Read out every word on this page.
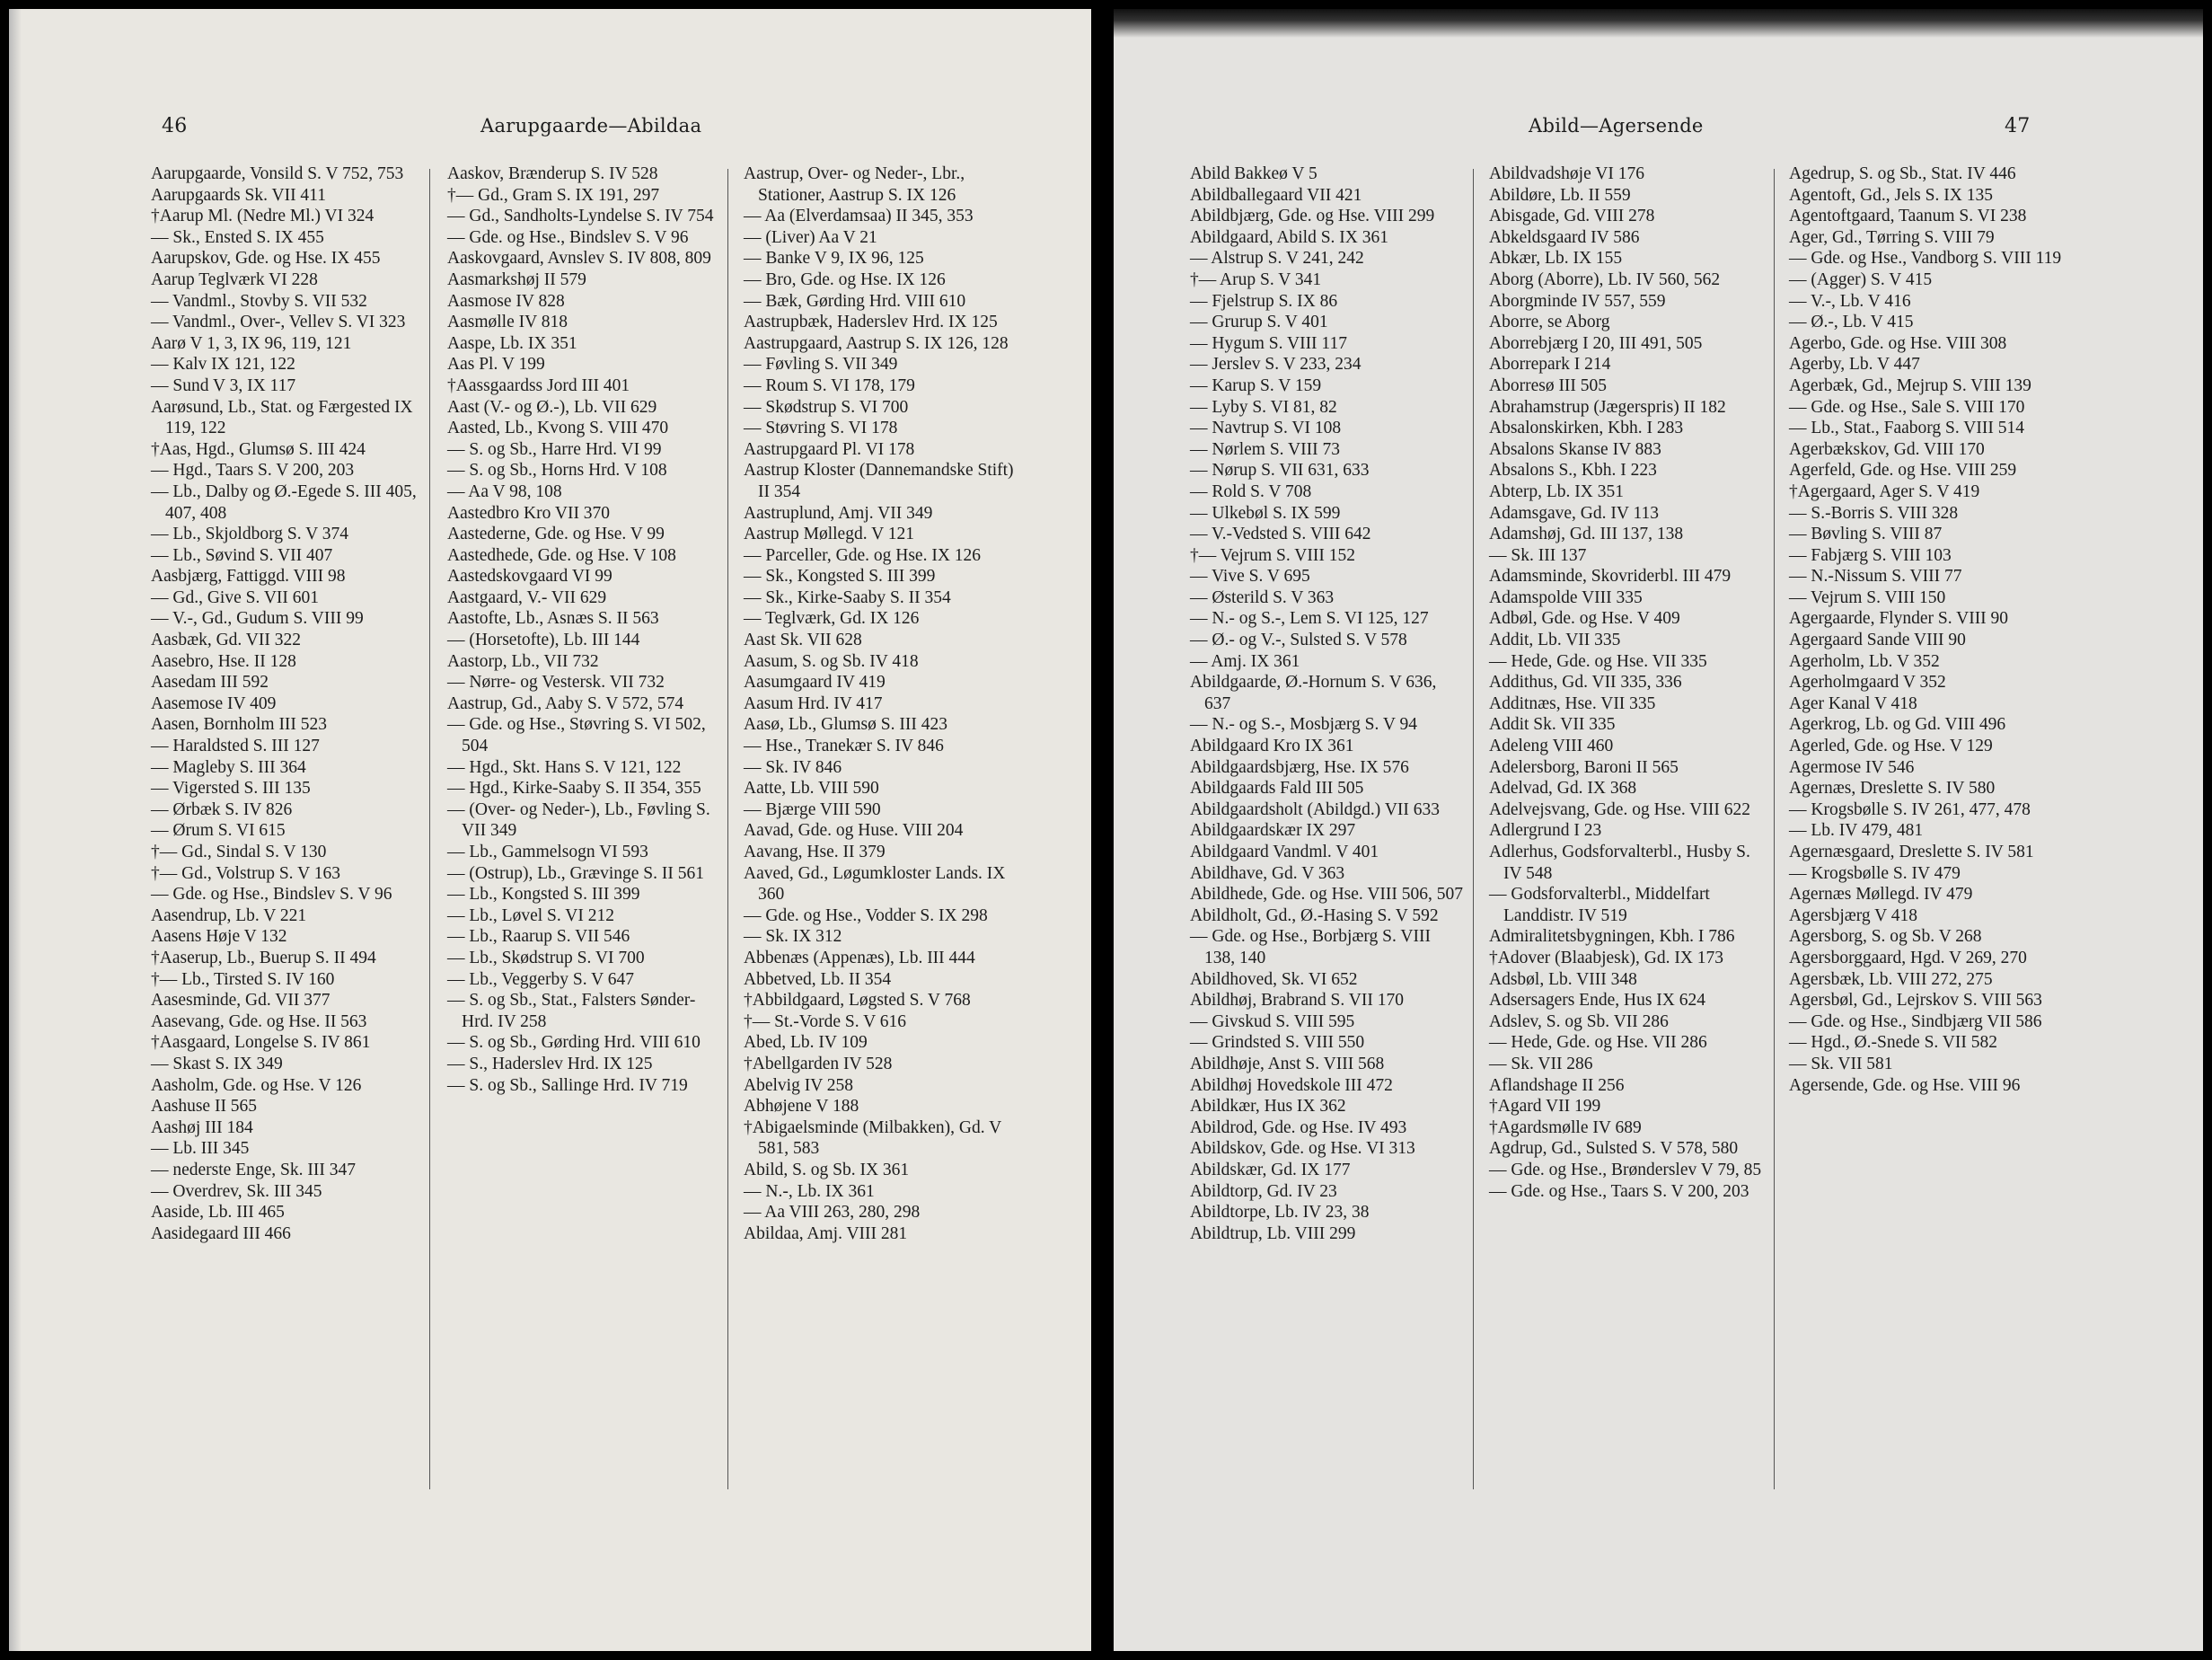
46	Aarupgaarde—Abildaa
Aarupgaarde, Vonsild S. V 752, 753
Aarupgaards Sk. VII 411
†Aarup Ml. (Nedre Ml.) VI 324
— Sk., Ensted S. IX 455
Aarupskov, Gde. og Hse. IX 455
Aarup Teglværk VI 228
— Vandml., Stovby S. VII 532
— Vandml., Over-, Vellev S. VI 323
Aarø V 1, 3, IX 96, 119, 121
— Kalv IX 121, 122
— Sund V 3, IX 117
Aarøsund, Lb., Stat. og Færgested IX 119, 122
†Aas, Hgd., Glumsø S. III 424
— Hgd., Taars S. V 200, 203
— Lb., Dalby og Ø.-Egede S. III 405, 407, 408
— Lb., Skjoldborg S. V 374
— Lb., Søvind S. VII 407
Aasbjærg, Fattiggd. VIII 98
— Gd., Give S. VII 601
— V.-, Gd., Gudum S. VIII 99
Aasbæk, Gd. VII 322
Aasebro, Hse. II 128
Aasedam III 592
Aasemose IV 409
Aasen, Bornholm III 523
— Haraldsted S. III 127
— Magleby S. III 364
— Vigersted S. III 135
— Ørbæk S. IV 826
— Ørum S. VI 615
†— Gd., Sindal S. V 130
†— Gd., Volstrup S. V 163
— Gde. og Hse., Bindslev S. V 96
Aasendrup, Lb. V 221
Aasens Høje V 132
†Aaserup, Lb., Buerup S. II 494
†— Lb., Tirsted S. IV 160
Aasesminde, Gd. VII 377
Aasevang, Gde. og Hse. II 563
†Aasgaard, Longelse S. IV 861
— Skast S. IX 349
Aasholm, Gde. og Hse. V 126
Aashuse II 565
Aashøj III 184
— Lb. III 345
— nederste Enge, Sk. III 347
— Overdrev, Sk. III 345
Aaside, Lb. III 465
Aasidegaard III 466
Aaskov, Brænderup S. IV 528
†— Gd., Gram S. IX 191, 297
— Gd., Sandholts-Lyndelse S. IV 754
— Gde. og Hse., Bindslev S. V 96
Aaskovgaard, Avnslev S. IV 808, 809
Aasmarkshøj II 579
Aasmose IV 828
Aasmølle IV 818
Aaspe, Lb. IX 351
Aas Pl. V 199
†Aassgaardss Jord III 401
Aast (V.- og Ø.-), Lb. VII 629
Aasted, Lb., Kvong S. VIII 470
— S. og Sb., Harre Hrd. VI 99
— S. og Sb., Horns Hrd. V 108
— Aa V 98, 108
Aastedbro Kro VII 370
Aastederne, Gde. og Hse. V 99
Aastedhede, Gde. og Hse. V 108
Aastedskovgaard VI 99
Aastgaard, V.- VII 629
Aastofte, Lb., Asnæs S. II 563
— (Horsetofte), Lb. III 144
Aastorp, Lb., VII 732
— Nørre- og Vestersk. VII 732
Aastrup, Gd., Aaby S. V 572, 574
— Gde. og Hse., Støvring S. VI 502, 504
— Hgd., Skt. Hans S. V 121, 122
— Hgd., Kirke-Saaby S. II 354, 355
— (Over- og Neder-), Lb., Føvling S. VII 349
— Lb., Gammelsogn VI 593
— (Ostrup), Lb., Grævinge S. II 561
— Lb., Kongsted S. III 399
— Lb., Løvel S. VI 212
— Lb., Raarup S. VII 546
— Lb., Skødstrup S. VI 700
— Lb., Veggerby S. V 647
— S. og Sb., Stat., Falsters Sønder-Hrd. IV 258
— S. og Sb., Gørding Hrd. VIII 610
— S., Haderslev Hrd. IX 125
— S. og Sb., Sallinge Hrd. IV 719
Aastrup, Over- og Neder-, Lbr., Stationer, Aastrup S. IX 126
— Aa (Elverdamsaa) II 345, 353
— (Liver) Aa V 21
— Banke V 9, IX 96, 125
— Bro, Gde. og Hse. IX 126
— Bæk, Gørding Hrd. VIII 610
Aastrupbæk, Haderslev Hrd. IX 125
Aastrupgaard, Aastrup S. IX 126, 128
— Føvling S. VII 349
— Roum S. VI 178, 179
— Skødstrup S. VI 700
— Støvring S. VI 178
Aastrupgaard Pl. VI 178
Aastrup Kloster (Dannemandske Stift) II 354
Aastruplund, Amj. VII 349
Aastrup Møllegd. V 121
— Parceller, Gde. og Hse. IX 126
— Sk., Kongsted S. III 399
— Sk., Kirke-Saaby S. II 354
— Teglværk, Gd. IX 126
Aast Sk. VII 628
Aasum, S. og Sb. IV 418
Aasumgaard IV 419
Aasum Hrd. IV 417
Aasø, Lb., Glumsø S. III 423
— Hse., Tranekær S. IV 846
— Sk. IV 846
Aatte, Lb. VIII 590
— Bjærge VIII 590
Aavad, Gde. og Huse. VIII 204
Aavang, Hse. II 379
Aaved, Gd., Løgumkloster Lands. IX 360
— Gde. og Hse., Vodder S. IX 298
— Sk. IX 312
Abbenæs (Appenæs), Lb. III 444
Abbetved, Lb. II 354
†Abbildgaard, Løgsted S. V 768
†— St.-Vorde S. V 616
Abed, Lb. IV 109
†Abellgarden IV 528
Abelvig IV 258
Abhøjene V 188
†Abigaelsminde (Milbakken), Gd. V 581, 583
Abild, S. og Sb. IX 361
— N.-, Lb. IX 361
— Aa VIII 263, 280, 298
Abildaa, Amj. VIII 281
Abild—Agersende	47
Abild Bakkeø V 5
Abildballegaard VII 421
Abildbjærg, Gde. og Hse. VIII 299
Abildgaard, Abild S. IX 361
— Alstrup S. V 241, 242
†— Arup S. V 341
— Fjelstrup S. IX 86
— Grurup S. V 401
— Hygum S. VIII 117
— Jerslev S. V 233, 234
— Karup S. V 159
— Lyby S. VI 81, 82
— Navtrup S. VI 108
— Nørlem S. VIII 73
— Nørup S. VII 631, 633
— Rold S. V 708
— Ulkebøl S. IX 599
— V.-Vedsted S. VIII 642
†— Vejrum S. VIII 152
— Vive S. V 695
— Østerild S. V 363
— N.- og S.-, Lem S. VI 125, 127
— Ø.- og V.-, Sulsted S. V 578
— Amj. IX 361
Abildgaarde, Ø.-Hornum S. V 636, 637
— N.- og S.-, Mosbjærg S. V 94
Abildgaard Kro IX 361
Abildgaardsbjærg, Hse. IX 576
Abildgaards Fald III 505
Abildgaardsholt (Abildgd.) VII 633
Abildgaardskær IX 297
Abildgaard Vandml. V 401
Abildhave, Gd. V 363
Abildhede, Gde. og Hse. VIII 506, 507
Abildholt, Gd., Ø.-Hasing S. V 592
— Gde. og Hse., Borbjærg S. VIII 138, 140
Abildhoved, Sk. VI 652
Abildhøj, Brabrand S. VII 170
— Givskud S. VIII 595
— Grindsted S. VIII 550
Abildhøje, Anst S. VIII 568
Abildhøj Hovedskole III 472
Abildkær, Hus IX 362
Abildrod, Gde. og Hse. IV 493
Abildskov, Gde. og Hse. VI 313
Abildskær, Gd. IX 177
Abildtorp, Gd. IV 23
Abildtorpe, Lb. IV 23, 38
Abildtrup, Lb. VIII 299
Abildvadshøje VI 176
Abildøre, Lb. II 559
Abisgade, Gd. VIII 278
Abkeldsgaard IV 586
Abkær, Lb. IX 155
Aborg (Aborre), Lb. IV 560, 562
Aborgminde IV 557, 559
Aborre, se Aborg
Aborrebjærg I 20, III 491, 505
Aborrepark I 214
Aborresø III 505
Abrahamstrup (Jægerspris) II 182
Absalonskirken, Kbh. I 283
Absalons Skanse IV 883
Absalons S., Kbh. I 223
Abterp, Lb. IX 351
Adamsgave, Gd. IV 113
Adamshøj, Gd. III 137, 138
— Sk. III 137
Adamsminde, Skovriderbl. III 479
Adamspolde VIII 335
Adbøl, Gde. og Hse. V 409
Addit, Lb. VII 335
— Hede, Gde. og Hse. VII 335
Addithus, Gd. VII 335, 336
Additnæs, Hse. VII 335
Addit Sk. VII 335
Adeleng VIII 460
Adelersborg, Baroni II 565
Adelvad, Gd. IX 368
Adelvejsvang, Gde. og Hse. VIII 622
Adlergrund I 23
Adlerhus, Godsforvalterbl., Husby S. IV 548
— Godsforvalterbl., Middelfart Landdistr. IV 519
Admiralitetsbygningen, Kbh. I 786
†Adover (Blaabjesk), Gd. IX 173
Adsbøl, Lb. VIII 348
Adsersagers Ende, Hus IX 624
Adslev, S. og Sb. VII 286
— Hede, Gde. og Hse. VII 286
— Sk. VII 286
Aflandshage II 256
†Agard VII 199
†Agardsmølle IV 689
Agdrup, Gd., Sulsted S. V 578, 580
— Gde. og Hse., Brønderslev V 79, 85
— Gde. og Hse., Taars S. V 200, 203
Agedrup, S. og Sb., Stat. IV 446
Agentoft, Gd., Jels S. IX 135
Agentoftgaard, Taanum S. VI 238
Ager, Gd., Tørring S. VIII 79
— Gde. og Hse., Vandborg S. VIII 119
— (Agger) S. V 415
— V.-, Lb. V 416
— Ø.-, Lb. V 415
Agerbo, Gde. og Hse. VIII 308
Agerby, Lb. V 447
Agerbæk, Gd., Mejrup S. VIII 139
— Gde. og Hse., Sale S. VIII 170
— Lb., Stat., Faaborg S. VIII 514
Agerbækskov, Gd. VIII 170
Agerfeld, Gde. og Hse. VIII 259
†Agergaard, Ager S. V 419
— S.-Borris S. VIII 328
— Bøvling S. VIII 87
— Fabjærg S. VIII 103
— N.-Nissum S. VIII 77
— Vejrum S. VIII 150
Agergaarde, Flynder S. VIII 90
Agergaard Sande VIII 90
Agerholm, Lb. V 352
Agerholmgaard V 352
Ager Kanal V 418
Agerkrog, Lb. og Gd. VIII 496
Agerled, Gde. og Hse. V 129
Agermose IV 546
Agernæs, Dreslette S. IV 580
— Krogsbølle S. IV 261, 477, 478
— Lb. IV 479, 481
Agernæsgaard, Dreslette S. IV 581
— Krogsbølle S. IV 479
Agernæs Møllegd. IV 479
Agersbjærg V 418
Agersborg, S. og Sb. V 268
Agersborggaard, Hgd. V 269, 270
Agersbæk, Lb. VIII 272, 275
Agersbøl, Gd., Lejrskov S. VIII 563
— Gde. og Hse., Sindbjærg VII 586
— Hgd., Ø.-Snede S. VII 582
— Sk. VII 581
Agersende, Gde. og Hse. VIII 96
